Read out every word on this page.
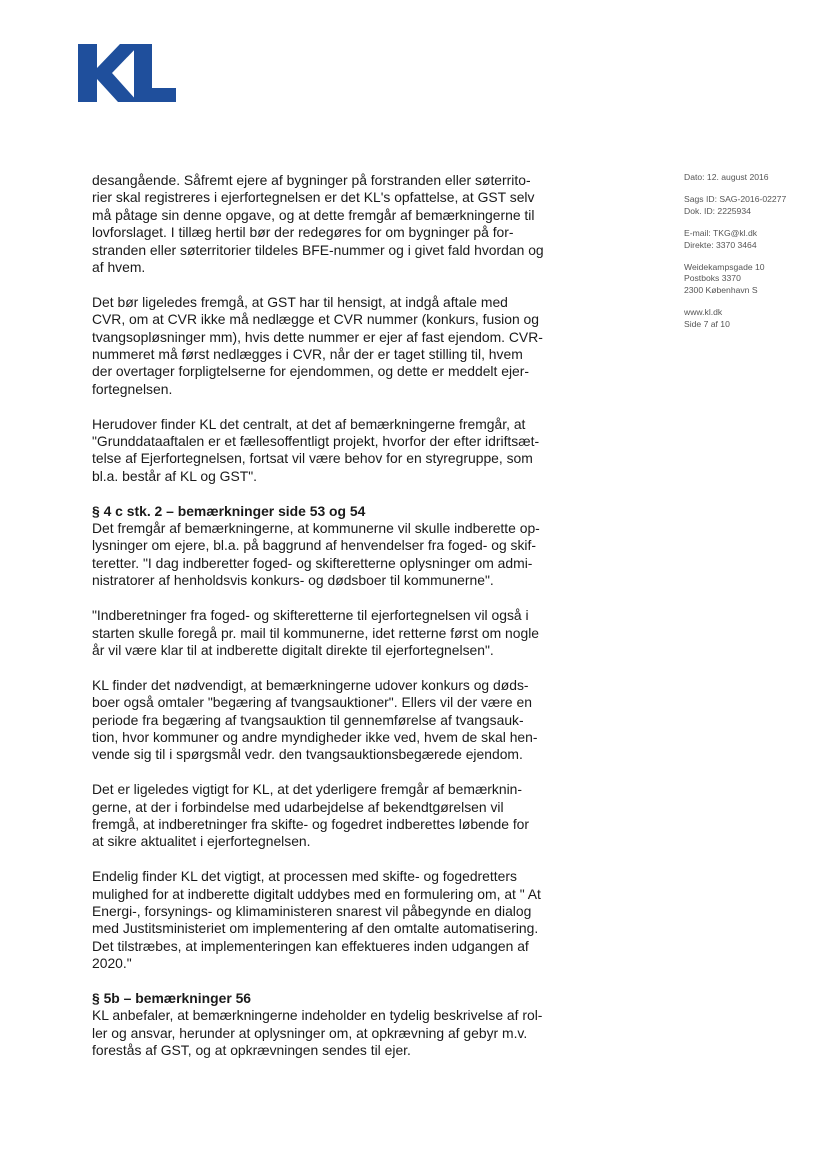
Dato: 12. august 2016
Sags ID: SAG-2016-02277
Dok. ID: 2225934
E-mail: TKG@kl.dk
Direkte: 3370 3464
Weidekampsgade 10
Postboks 3370
2300 København S
www.kl.dk
Side 7 af 10

desangående. Såfremt ejere af bygninger på forstranden eller søterrito-
rier skal registreres i ejerfortegnelsen er det KL's opfattelse, at GST selv
må påtage sin denne opgave, og at dette fremgår af bemærkningerne til
lovforslaget. I tillæg hertil bør der redegøres for om bygninger på for-
stranden eller søterritorier tildeles BFE-nummer og i givet fald hvordan og
af hvem.

Det bør ligeledes fremgå, at GST har til hensigt, at indgå aftale med
CVR, om at CVR ikke må nedlægge et CVR nummer (konkurs, fusion og
tvangsopløsninger mm), hvis dette nummer er ejer af fast ejendom. CVR-
nummeret må først nedlægges i CVR, når der er taget stilling til, hvem
der overtager forpligtelserne for ejendommen, og dette er meddelt ejer-
fortegnelsen.

Herudover finder KL det centralt, at det af bemærkningerne fremgår, at
"Grunddataaftalen er et fællesoffentligt projekt, hvorfor der efter idriftsæt-
telse af Ejerfortegnelsen, fortsat vil være behov for en styregruppe, som
bl.a. består af KL og GST".

§ 4 c stk. 2 – bemærkninger side 53 og 54

Det fremgår af bemærkningerne, at kommunerne vil skulle indberette op-
lysninger om ejere, bl.a. på baggrund af henvendelser fra foged- og skif-
teretter. "I dag indberetter foged- og skifteretterne oplysninger om admi-
nistratorer af henholdsvis konkurs- og dødsboer til kommunerne".

"Indberetninger fra foged- og skifteretterne til ejerfortegnelsen vil også i
starten skulle foregå pr. mail til kommunerne, idet retterne først om nogle
år vil være klar til at indberette digitalt direkte til ejerfortegnelsen".

KL finder det nødvendigt, at bemærkningerne udover konkurs og døds-
boer også omtaler "begæring af tvangsauktioner". Ellers vil der være en
periode fra begæring af tvangsauktion til gennemførelse af tvangsauk-
tion, hvor kommuner og andre myndigheder ikke ved, hvem de skal hen-
vende sig til i spørgsmål vedr. den tvangsauktionsbegærede ejendom.

Det er ligeledes vigtigt for KL, at det yderligere fremgår af bemærknin-
gerne, at der i forbindelse med udarbejdelse af bekendtgørelsen vil
fremgå, at indberetninger fra skifte- og fogedret indberettes løbende for
at sikre aktualitet i ejerfortegnelsen.

Endelig finder KL det vigtigt, at processen med skifte- og fogedretters
mulighed for at indberette digitalt uddybes med en formulering om, at " At
Energi-, forsynings- og klimaministeren snarest vil påbegynde en dialog
med Justitsministeriet om implementering af den omtalte automatisering.
Det tilstræbes, at implementeringen kan effektueres inden udgangen af
2020."

§ 5b – bemærkninger 56

KL anbefaler, at bemærkningerne indeholder en tydelig beskrivelse af rol-
ler og ansvar, herunder at oplysninger om, at opkrævning af gebyr m.v.
forestås af GST, og at opkrævningen sendes til ejer.
